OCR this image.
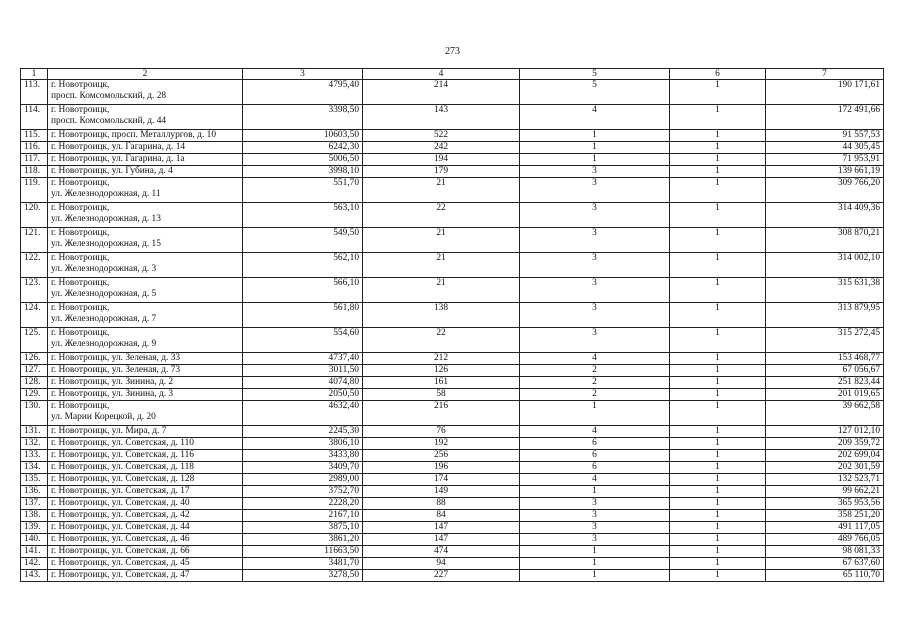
273
1	2	3	4	5	6	7
113.	г. Новотроицк,
просп. Комсомольский, д. 28	4795,40	214	5	1	190 171,61
114.	г. Новотроицк,
просп. Комсомольский, д. 44	3398,50	143	4	1	172 491,66
115.	г. Новотроицк, просп. Металлургов, д. 10	10603,50	522	1	1	91 557,53
116.	г. Новотроицк, ул. Гагарина, д. 14	6242,30	242	1	1	44 305,45
117.	г. Новотроицк, ул. Гагарина, д. 1а	5006,50	194	1	1	71 953,91
118.	г. Новотроицк, ул. Губина, д. 4	3998,10	179	3	1	139 661,19
119.	г. Новотроицк,
ул. Железнодорожная, д. 11	551,70	21	3	1	309 766,20
120.	г. Новотроицк,
ул. Железнодорожная, д. 13	563,10	22	3	1	314 409,36
121.	г. Новотроицк,
ул. Железнодорожная, д. 15	549,50	21	3	1	308 870,21
122.	г. Новотроицк,
ул. Железнодорожная, д. 3	562,10	21	3	1	314 002,10
123.	г. Новотроицк,
ул. Железнодорожная, д. 5	566,10	21	3	1	315 631,38
124.	г. Новотроицк,
ул. Железнодорожная, д. 7	561,80	138	3	1	313 879,95
125.	г. Новотроицк,
ул. Железнодорожная, д. 9	554,60	22	3	1	315 272,45
126.	г. Новотроицк, ул. Зеленая, д. 33	4737,40	212	4	1	153 468,77
127.	г. Новотроицк, ул. Зеленая, д. 73	3011,50	126	2	1	67 056,67
128.	г. Новотроицк, ул. Зинина, д. 2	4074,80	161	2	1	251 823,44
129.	г. Новотроицк, ул. Зинина, д. 3	2050,50	58	2	1	201 019,65
130.	г. Новотроицк,
ул. Марии Корецкой, д. 20	4632,40	216	1	1	39 662,58
131.	г. Новотроицк, ул. Мира, д. 7	2245,30	76	4	1	127 012,10
132.	г. Новотроицк, ул. Советская, д. 110	3806,10	192	6	1	209 359,72
133.	г. Новотроицк, ул. Советская, д. 116	3433,80	256	6	1	202 699,04
134.	г. Новотроицк, ул. Советская, д. 118	3409,70	196	6	1	202 301,59
135.	г. Новотроицк, ул. Советская, д. 128	2989,00	174	4	1	132 523,71
136.	г. Новотроицк, ул. Советская, д. 17	3752,70	149	1	1	99 662,21
137.	г. Новотроицк, ул. Советская, д. 40	2228,20	88	3	1	365 953,56
138.	г. Новотроицк, ул. Советская, д. 42	2167,10	84	3	1	358 251,20
139.	г. Новотроицк, ул. Советская, д. 44	3875,10	147	3	1	491 117,05
140.	г. Новотроицк, ул. Советская, д. 46	3861,20	147	3	1	489 766,05
141.	г. Новотроицк, ул. Советская, д. 66	11663,50	474	1	1	98 081,33
142.	г. Новотроицк, ул. Советская, д. 45	3481,70	94	1	1	67 637,60
143.	г. Новотроицк, ул. Советская, д. 47	3278,50	227	1	1	65 110,70
